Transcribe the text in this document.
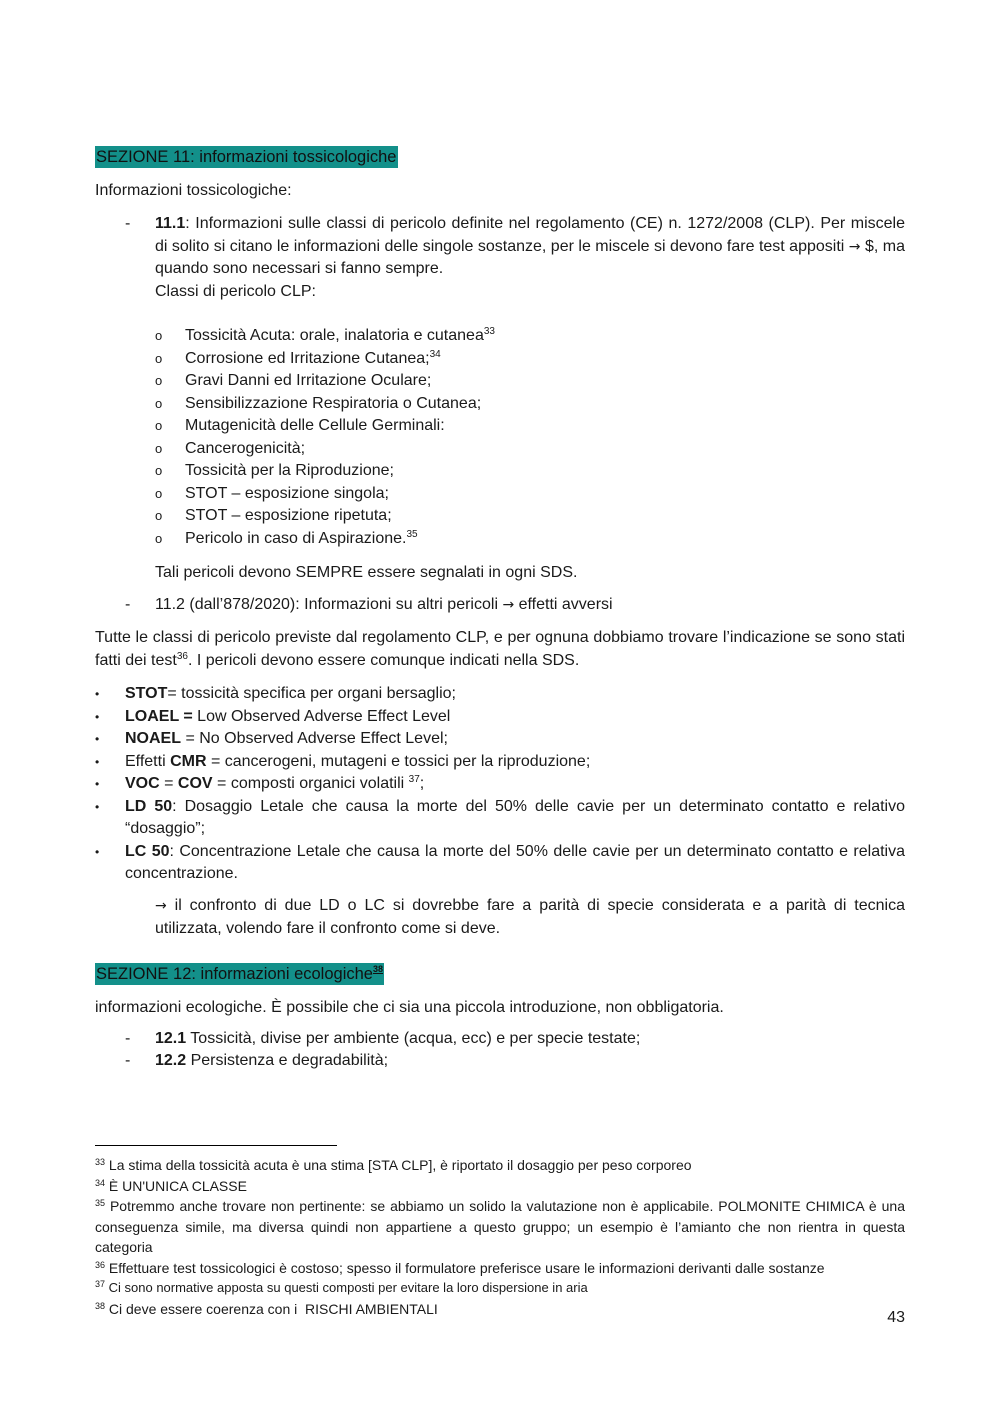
SEZIONE 11: informazioni tossicologiche
Informazioni tossicologiche:
- 11.1: Informazioni sulle classi di pericolo definite nel regolamento (CE) n. 1272/2008 (CLP). Per miscele di solito si citano le informazioni delle singole sostanze, per le miscele si devono fare test appositi → $, ma quando sono necessari si fanno sempre.
Classi di pericolo CLP:
o Tossicità Acuta: orale, inalatoria e cutanea$^{33}$
o Corrosione ed Irritazione Cutanea;$^{34}$
o Gravi Danni ed Irritazione Oculare;
o Sensibilizzazione Respiratoria o Cutanea;
o Mutagenicità delle Cellule Germinali:
o Cancerogenicità;
o Tossicità per la Riproduzione;
o STOT – esposizione singola;
o STOT – esposizione ripetuta;
o Pericolo in caso di Aspirazione.$^{35}$
Tali pericoli devono SEMPRE essere segnalati in ogni SDS.
- 11.2 (dall’878/2020): Informazioni su altri pericoli → effetti avversi
Tutte le classi di pericolo previste dal regolamento CLP, e per ognuna dobbiamo trovare l’indicazione se sono stati fatti dei test$^{36}$. I pericoli devono essere comunque indicati nella SDS.
• STOT= tossicità specifica per organi bersaglio;
• LOAEL = Low Observed Adverse Effect Level
• NOAEL = No Observed Adverse Effect Level;
• Effetti CMR = cancerogeni, mutageni e tossici per la riproduzione;
• VOC = COV = composti organici volatili $^{37}$;
• LD 50: Dosaggio Letale che causa la morte del 50% delle cavie per un determinato contatto e relativo “dosaggio”;
• LC 50: Concentrazione Letale che causa la morte del 50% delle cavie per un determinato contatto e relativa concentrazione.
→ il confronto di due LD o LC si dovrebbe fare a parità di specie considerata e a parità di tecnica utilizzata, volendo fare il confronto come si deve.
SEZIONE 12: informazioni ecologiche$^{38}$
informazioni ecologiche. È possibile che ci sia una piccola introduzione, non obbligatoria.
- 12.1 Tossicità, divise per ambiente (acqua, ecc) e per specie testate;
- 12.2 Persistenza e degradabilità;
$^{33}$ La stima della tossicità acuta è una stima [STA CLP], è riportato il dosaggio per peso corporeo
$^{34}$ È UN'UNICA CLASSE
$^{35}$ Potremmo anche trovare non pertinente: se abbiamo un solido la valutazione non è applicabile. POLMONITE CHIMICA è una conseguenza simile, ma diversa quindi non appartiene a questo gruppo; un esempio è l’amianto che non rientra in questa categoria
$^{36}$ Effettuare test tossicologici è costoso; spesso il formulatore preferisce usare le informazioni derivanti dalle sostanze
$^{37}$ Ci sono normative apposta su questi composti per evitare la loro dispersione in aria
$^{38}$ Ci deve essere coerenza con i  RISCHI AMBIENTALI
43
